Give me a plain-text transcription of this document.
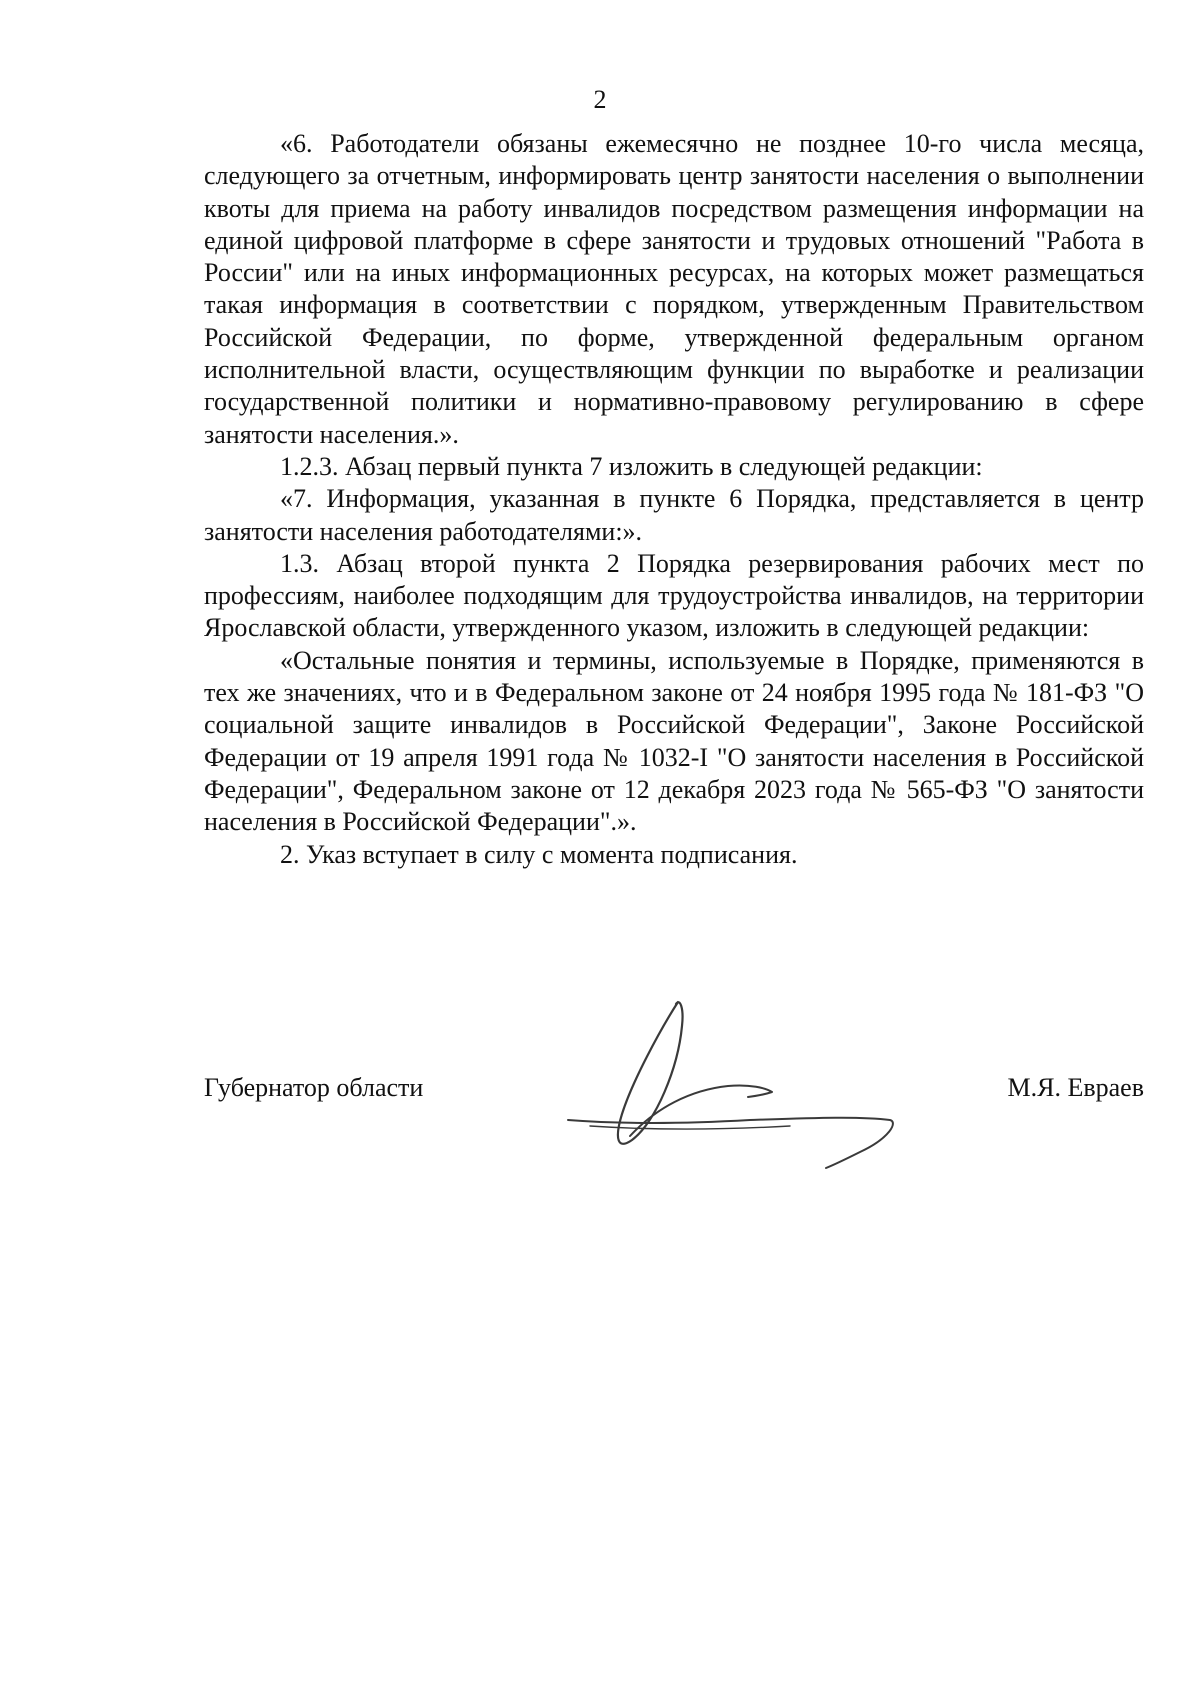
2

«6. Работодатели обязаны ежемесячно не позднее 10-го числа месяца, следующего за отчетным, информировать центр занятости населения о выполнении квоты для приема на работу инвалидов посредством размещения информации на единой цифровой платформе в сфере занятости и трудовых отношений "Работа в России" или на иных информационных ресурсах, на которых может размещаться такая информация в соответствии с порядком, утвержденным Правительством Российской Федерации, по форме, утвержденной федеральным органом исполнительной власти, осуществляющим функции по выработке и реализации государственной политики и нормативно-правовому регулированию в сфере занятости населения.».

1.2.3. Абзац первый пункта 7 изложить в следующей редакции:

«7. Информация, указанная в пункте 6 Порядка, представляется в центр занятости населения работодателями:».

1.3. Абзац второй пункта 2 Порядка резервирования рабочих мест по профессиям, наиболее подходящим для трудоустройства инвалидов, на территории Ярославской области, утвержденного указом, изложить в следующей редакции:

«Остальные понятия и термины, используемые в Порядке, применяются в тех же значениях, что и в Федеральном законе от 24 ноября 1995 года № 181-ФЗ "О социальной защите инвалидов в Российской Федерации", Законе Российской Федерации от 19 апреля 1991 года № 1032-I "О занятости населения в Российской Федерации", Федеральном законе от 12 декабря 2023 года № 565-ФЗ "О занятости населения в Российской Федерации".».

2. Указ вступает в силу с момента подписания.

Губернатор области	М.Я. Евраев
